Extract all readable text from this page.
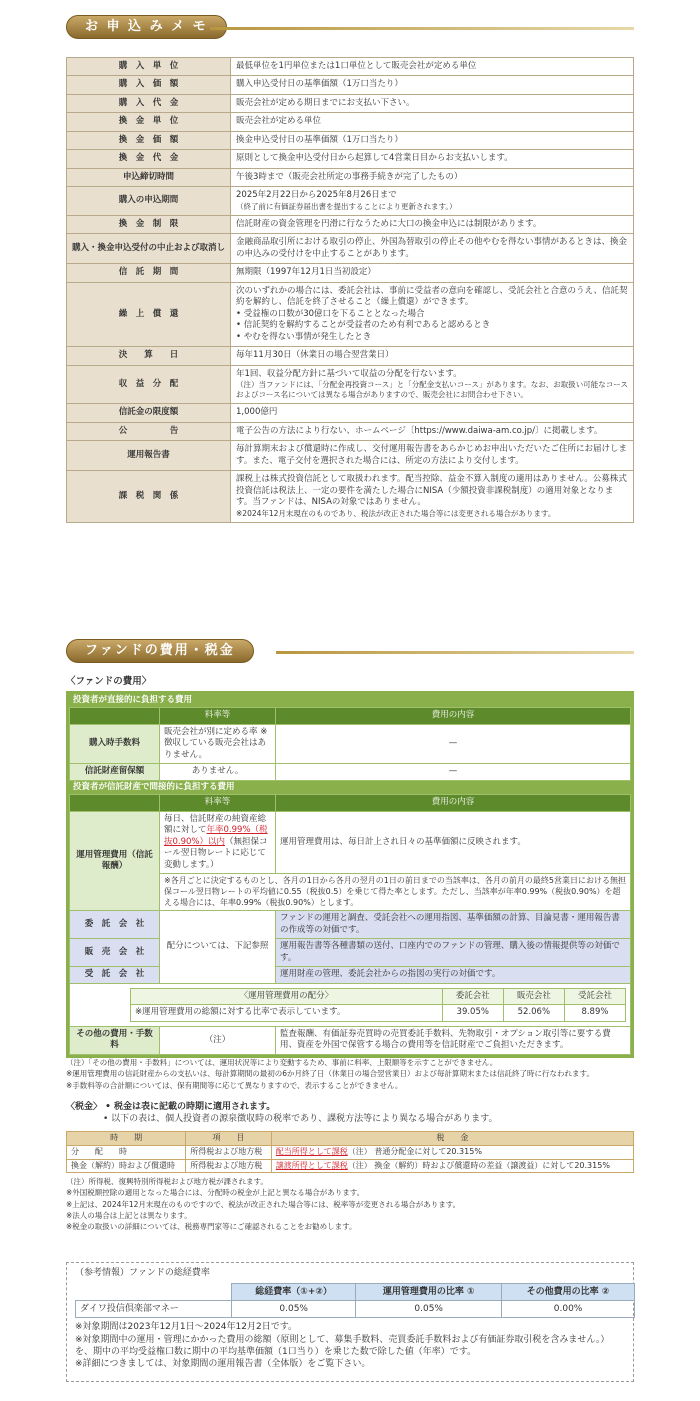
お 申 込 み メ モ
購　入　単　位	最低単位を1円単位または1口単位として販売会社が定める単位

購　入　価　額	購入申込受付日の基準価額（1万口当たり）

購　入　代　金	販売会社が定める期日までにお支払い下さい。

換　金　単　位	販売会社が定める単位

換　金　価　額	換金申込受付日の基準価額（1万口当たり）

換　金　代　金	原則として換金申込受付日から起算して4営業日目からお支払いします。

申込締切時間	午後3時まで（販売会社所定の事務手続きが完了したもの）

購入の申込期間	2025年2月22日から2025年8月26日まで
（終了前に有価証券届出書を提出することにより更新されます。）

換　金　制　限	信託財産の資金管理を円滑に行なうために大口の換金申込には制限があります。

購入・換金申込受付の中止および取消し	金融商品取引所における取引の停止、外国為替取引の停止その他やむを得ない事情があるときは、換金の申込みの受付けを中止することがあります。

信　託　期　間	無期限（1997年12月1日当初設定）

繰　上　償　還	次のいずれかの場合には、委託会社は、事前に受益者の意向を確認し、受託会社と合意のうえ、信託契約を解約し、信託を終了させること（繰上償還）ができます。
• 受益権の口数が30億口を下ることとなった場合
• 信託契約を解約することが受益者のため有利であると認めるとき
• やむを得ない事情が発生したとき

決　　算　　日	毎年11月30日（休業日の場合翌営業日）

収　益　分　配	年1回、収益分配方針に基づいて収益の分配を行ないます。
（注）当ファンドには、「分配金再投資コース」と「分配金支払いコース」があります。なお、お取扱い可能なコースおよびコース名については異なる場合がありますので、販売会社にお問合わせ下さい。

信託金の限度額	1,000億円

公　　　　　告	電子公告の方法により行ない、ホームページ〔https://www.daiwa-am.co.jp/〕に掲載します。

運用報告書	毎計算期末および償還時に作成し、交付運用報告書をあらかじめお申出いただいたご住所にお届けします。また、電子交付を選択された場合には、所定の方法により交付します。

課　税　関　係	課税上は株式投資信託として取扱われます。配当控除、益金不算入制度の適用はありません。公募株式投資信託は税法上、一定の要件を満たした場合にNISA（少額投資非課税制度）の適用対象となります。当ファンドは、NISAの対象ではありません。
※2024年12月末現在のものであり、税法が改正された場合等には変更される場合があります。
ファンドの費用・税金
〈ファンドの費用〉
投資者が直接的に負担する費用
	料率等	費用の内容
購入時手数料	販売会社が別に定める率 ※徴収している販売会社はありません。	—
信託財産留保額	ありません。	—
投資者が信託財産で間接的に負担する費用
	料率等	費用の内容
運用管理費用（信託報酬）	毎日、信託財産の純資産総額に対して年率0.99%（税抜0.90%）以内（無担保コール翌日物レートに応じて変動します。）	運用管理費用は、毎日計上され日々の基準価額に反映されます。
※各月ごとに決定するものとし、各月の1日から各月の翌月の1日の前日までの当該率は、各月の前月の最終5営業日における無担保コール翌日物レートの平均値に0.55（税抜0.5）を乗じて得た率とします。ただし、当該率が年率0.99%（税抜0.90%）を超える場合には、年率0.99%（税抜0.90%）とします。
委　託　会　社	配分については、下記参照	ファンドの運用と調査、受託会社への運用指図、基準価額の計算、目論見書・運用報告書の作成等の対価です。
販　売　会　社	運用報告書等各種書類の送付、口座内でのファンドの管理、購入後の情報提供等の対価です。
受　託　会　社	運用財産の管理、委託会社からの指図の実行の対価です。

〈運用管理費用の配分〉	委託会社	販売会社	受託会社
※運用管理費用の総額に対する比率で表示しています。	39.05%	52.06%	8.89%

その他の費用・手数料	（注）	監査報酬、有価証券売買時の売買委託手数料、先物取引・オプション取引等に要する費用、資産を外国で保管する場合の費用等を信託財産でご負担いただきます。
（注）「その他の費用・手数料」については、運用状況等により変動するため、事前に料率、上限額等を示すことができません。
※運用管理費用の信託財産からの支払いは、毎計算期間の最初の6か月終了日（休業日の場合翌営業日）および毎計算期末または信託終了時に行なわれます。
※手数料等の合計額については、保有期間等に応じて異なりますので、表示することができません。
〈税金〉 • 税金は表に記載の時期に適用されます。
• 以下の表は、個人投資者の源泉徴収時の税率であり、課税方法等により異なる場合があります。
時　　期	項　　目	税　　金
分　　配　　時	所得税および地方税	配当所得として課税（注） 普通分配金に対して20.315%
換金（解約）時および償還時	所得税および地方税	譲渡所得として課税（注） 換金（解約）時および償還時の差益（譲渡益）に対して20.315%
（注）所得税、復興特別所得税および地方税が課されます。
※外国税額控除の適用となった場合には、分配時の税金が上記と異なる場合があります。
※上記は、2024年12月末現在のものですので、税法が改正された場合等には、税率等が変更される場合があります。
※法人の場合は上記とは異なります。
※税金の取扱いの詳細については、税務専門家等にご確認されることをお勧めします。
（参考情報）ファンドの総経費率
	総経費率（①+②）	運用管理費用の比率 ①	その他費用の比率 ②
ダイワ投信倶楽部マネー	0.05%	0.05%	0.00%
※対象期間は2023年12月1日～2024年12月2日です。
※対象期間中の運用・管理にかかった費用の総額（原則として、募集手数料、売買委託手数料および有価証券取引税を含みません。）を、期中の平均受益権口数に期中の平均基準価額（1口当り）を乗じた数で除した値（年率）です。
※詳細につきましては、対象期間の運用報告書（全体版）をご覧下さい。
